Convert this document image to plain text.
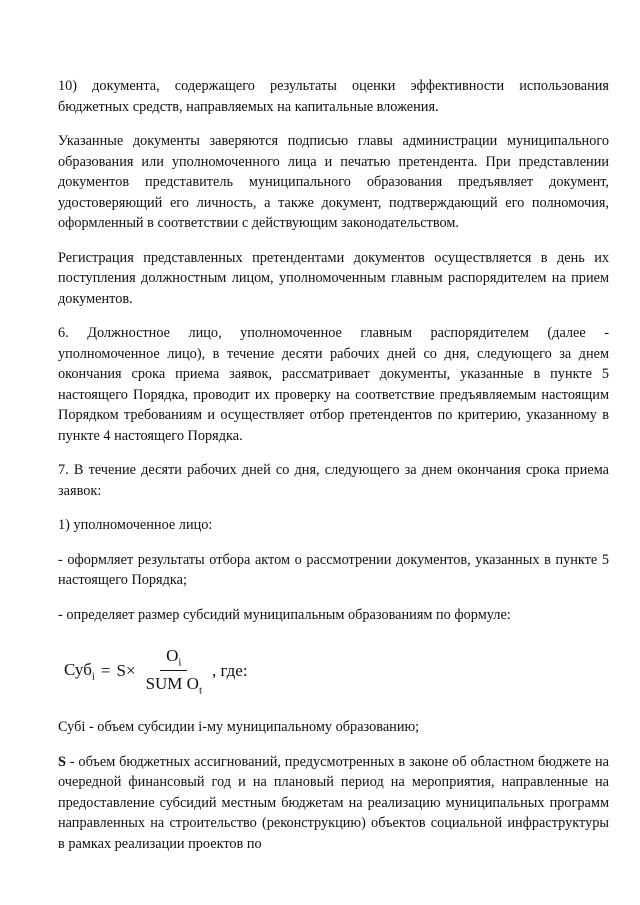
10) документа, содержащего результаты оценки эффективности использования бюджетных средств, направляемых на капитальные вложения.

Указанные документы заверяются подписью главы администрации муниципального образования или уполномоченного лица и печатью претендента. При представлении документов представитель муниципального образования предъявляет документ, удостоверяющий его личность, а также документ, подтверждающий его полномочия, оформленный в соответствии с действующим законодательством.

Регистрация представленных претендентами документов осуществляется в день их поступления должностным лицом, уполномоченным главным распорядителем на прием документов.

6. Должностное лицо, уполномоченное главным распорядителем (далее - уполномоченное лицо), в течение десяти рабочих дней со дня, следующего за днем окончания срока приема заявок, рассматривает документы, указанные в пункте 5 настоящего Порядка, проводит их проверку на соответствие предъявляемым настоящим Порядком требованиям и осуществляет отбор претендентов по критерию, указанному в пункте 4 настоящего Порядка.

7. В течение десяти рабочих дней со дня, следующего за днем окончания срока приема заявок:

1) уполномоченное лицо:

- оформляет результаты отбора актом о рассмотрении документов, указанных в пункте 5 настоящего Порядка;

- определяет размер субсидий муниципальным образованиям по формуле:

$Суб_i = S \times \frac{O_i}{SUM O_t}$ , где:

Субі - объем субсидии і-му муниципальному образованию;

S - объем бюджетных ассигнований, предусмотренных в законе об областном бюджете на очередной финансовый год и на плановый период на мероприятия, направленные на предоставление субсидий местным бюджетам на реализацию муниципальных программ направленных на строительство (реконструкцию) объектов социальной инфраструктуры в рамках реализации проектов по
